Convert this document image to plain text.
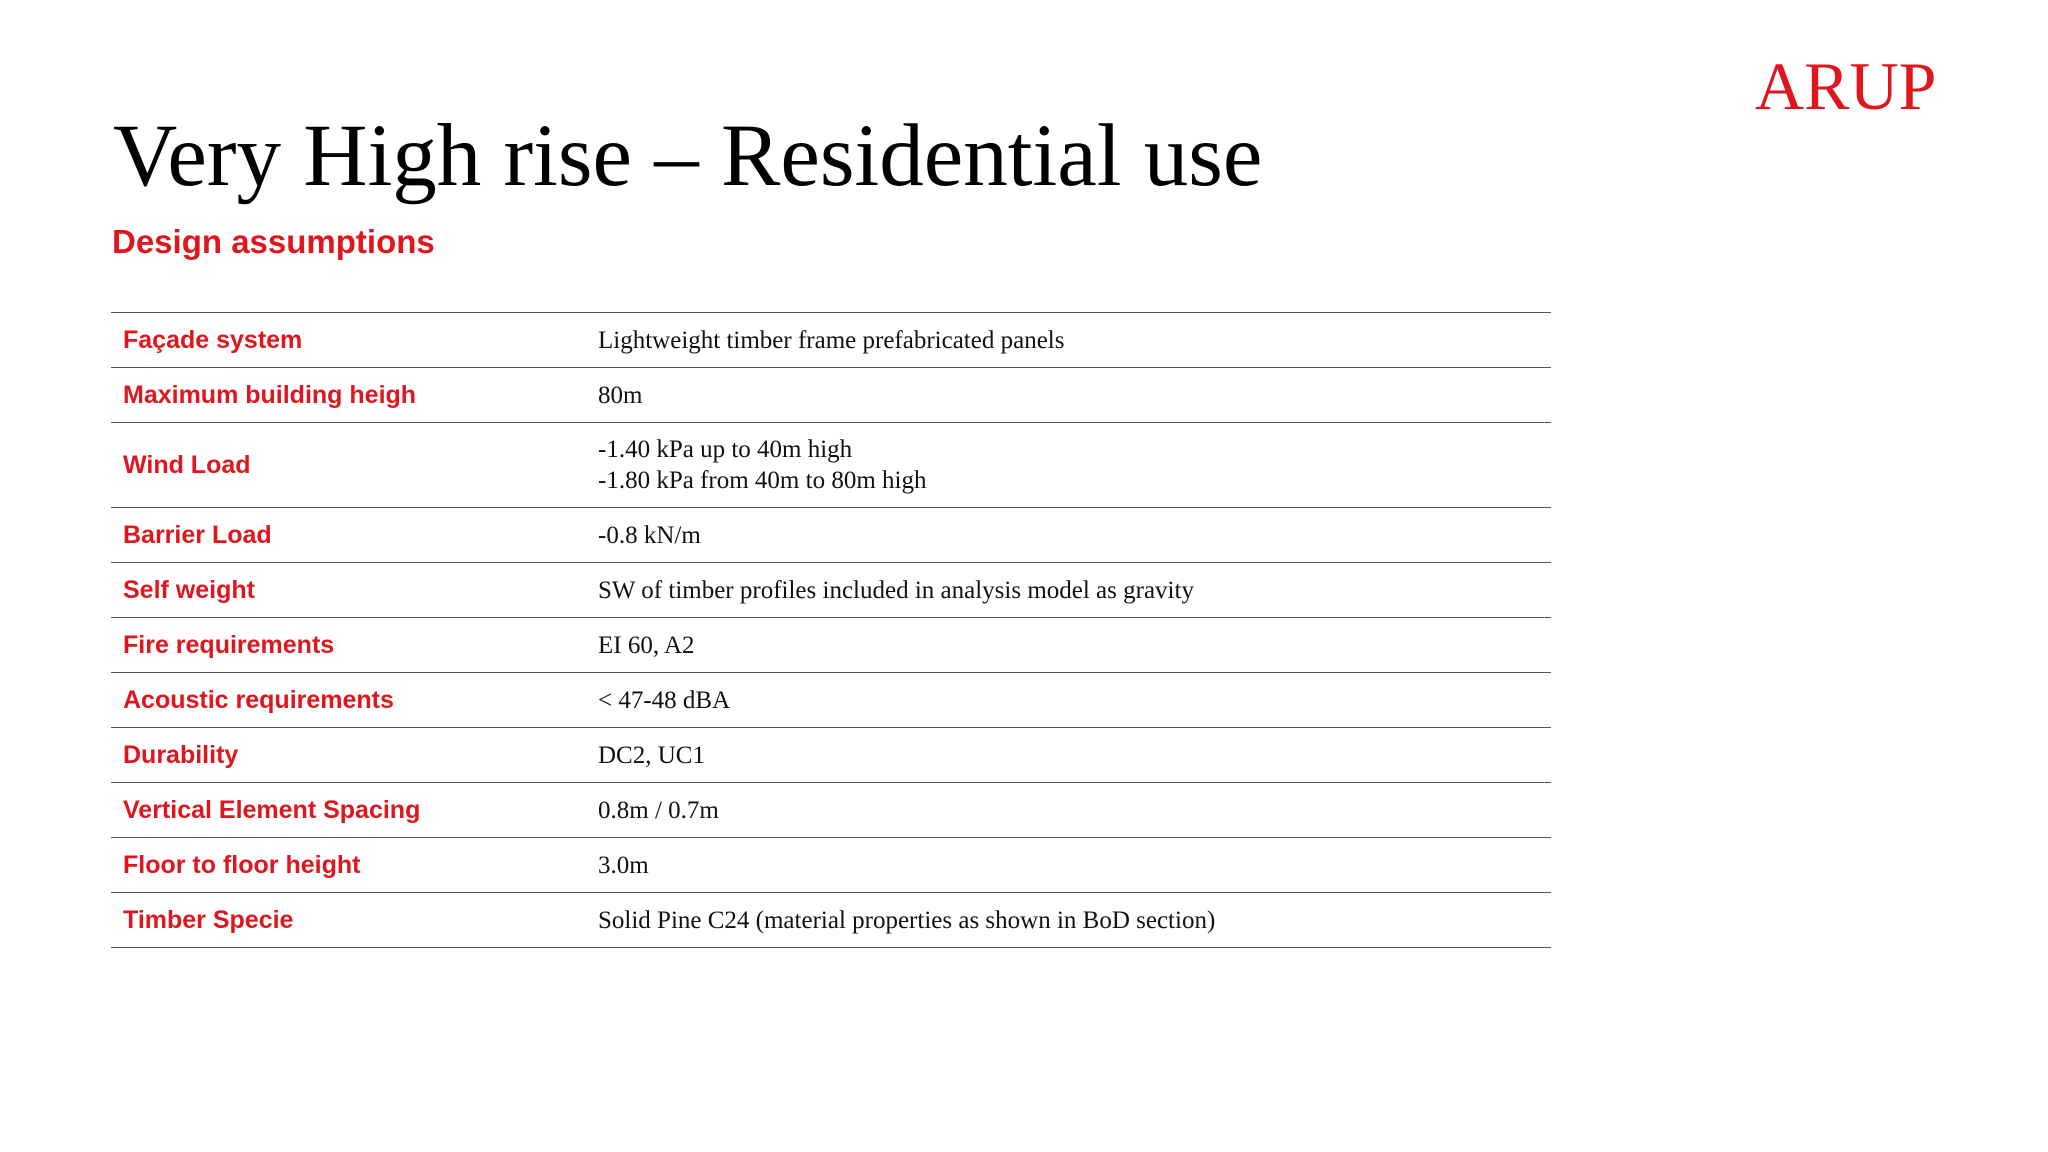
ARUP
Very High rise – Residential use
Design assumptions
Façade system	Lightweight timber frame prefabricated panels

Maximum building heigh	80m

Wind Load	-1.40 kPa up to 40m high
-1.80 kPa from 40m to 80m high

Barrier Load	-0.8 kN/m

Self weight	SW of timber profiles included in analysis model as gravity

Fire requirements	EI 60, A2

Acoustic requirements	< 47-48 dBA

Durability	DC2, UC1

Vertical Element Spacing	0.8m / 0.7m

Floor to floor height	3.0m

Timber Specie	Solid Pine C24 (material properties as shown in BoD section)
